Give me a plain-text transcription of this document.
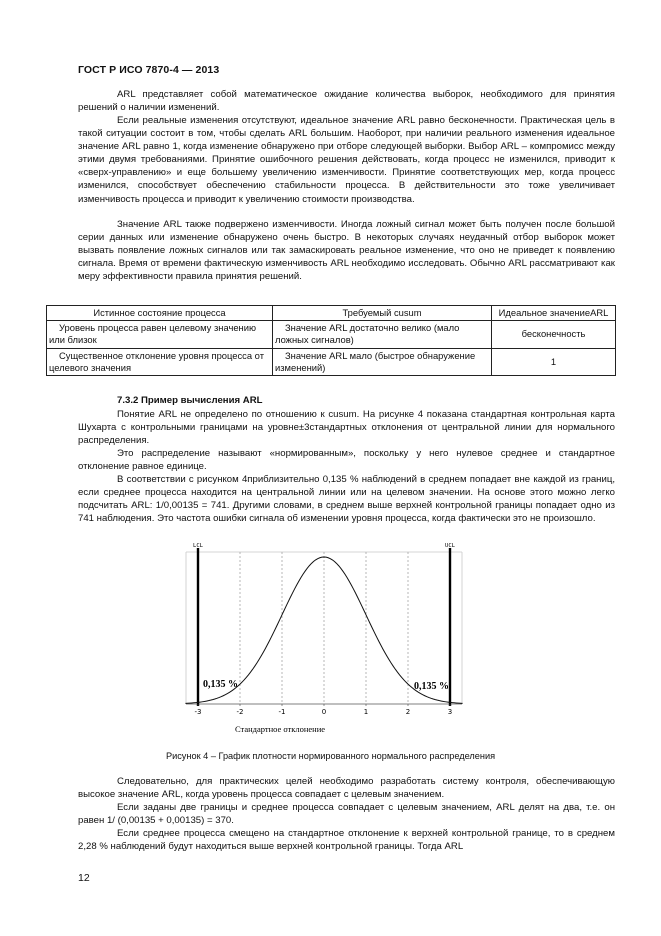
ГОСТ Р ИСО 7870-4 — 2013

ARL представляет собой математическое ожидание количества выборок, необходимого для принятия решений о наличии изменений.

Если реальные изменения отсутствуют, идеальное значение ARL равно бесконечности. Практическая цель в такой ситуации состоит в том, чтобы сделать ARL большим. Наоборот, при наличии реального изменения идеальное значение ARL равно 1, когда изменение обнаружено при отборе следующей выборки. Выбор ARL – компромисс между этими двумя требованиями. Принятие ошибочного решения действовать, когда процесс не изменился, приводит к «сверх-управлению» и еще большему увеличению изменчивости. Принятие соответствующих мер, когда процесс изменился, способствует обеспечению стабильности процесса. В действительности это тоже увеличивает изменчивость процесса и приводит к увеличению стоимости производства.

Значение ARL также подвержено изменчивости. Иногда ложный сигнал может быть получен после большой серии данных или изменение обнаружено очень быстро. В некоторых случаях неудачный отбор выборок может вызвать появление ложных сигналов или так замаскировать реальное изменение, что оно не приведет к появлению сигнала. Время от времени фактическую изменчивость ARL необходимо исследовать. Обычно ARL рассматривают как меру эффективности правила принятия решений.

Истинное состояние процесса	Требуемый cusum	Идеальное значениеARL
Уровень процесса равен целевому значению или близок	Значение ARL достаточно велико (мало ложных сигналов)	бесконечность
Существенное отклонение уровня процесса от целевого значения	Значение ARL мало (быстрое обнаружение изменений)	1
7.3.2 Пример вычисления ARL

Понятие ARL не определено по отношению к cusum. На рисунке 4 показана стандартная контрольная карта Шухарта с контрольными границами на уровне±3стандартных отклонения от центральной линии для нормального распределения.

Это распределение называют «нормированным», поскольку у него нулевое среднее и стандартное отклонение равное единице.

В соответствии с рисунком 4приблизительно 0,135 % наблюдений в среднем попадает вне каждой из границ, если среднее процесса находится на центральной линии или на целевом значении. На основе этого можно легко подсчитать ARL: 1/0,00135 = 741. Другими словами, в среднем выше верхней контрольной границы попадает одно из 741 наблюдения. Это частота ошибки сигнала об изменении уровня процесса, когда фактически это не произошло.

-3	-2	-1	0	1	2	3
LCL	UCL
0,135 %	0,135 %
Стандартное отклонение
Рисунок 4 – График плотности нормированного нормального распределения

Следовательно, для практических целей необходимо разработать систему контроля, обеспечивающую высокое значение ARL, когда уровень процесса совпадает с целевым значением.

Если заданы две границы и среднее процесса совпадает с целевым значением, ARL делят на два, т.е. он равен 1/ (0,00135 + 0,00135) = 370.

Если среднее процесса смещено на стандартное отклонение к верхней контрольной границе, то в среднем 2,28 % наблюдений будут находиться выше верхней контрольной границы. Тогда ARL

12
